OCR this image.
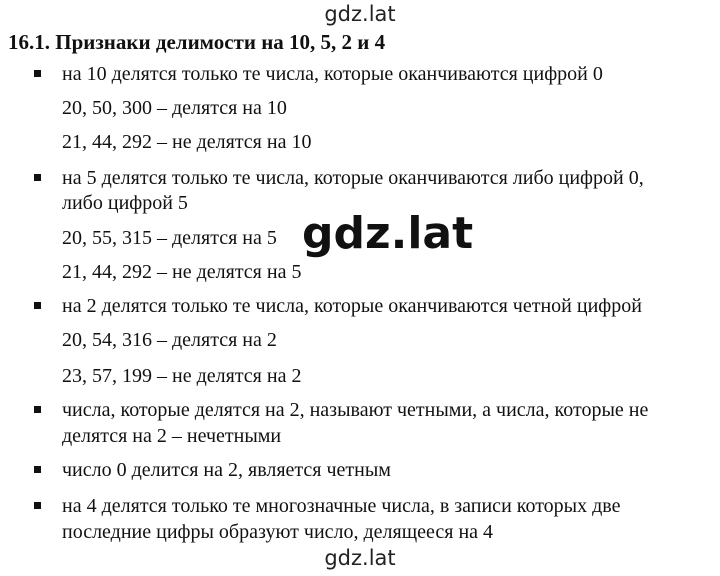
gdz.lat
16.1. Признаки делимости на 10, 5, 2 и 4
на 10 делятся только те числа, которые оканчиваются цифрой 0
20, 50, 300 – делятся на 10
21, 44, 292 – не делятся на 10
на 5 делятся только те числа, которые оканчиваются либо цифрой 0,
либо цифрой 5
20, 55, 315 – делятся на 5
21, 44, 292 – не делятся на 5
на 2 делятся только те числа, которые оканчиваются четной цифрой
20, 54, 316 – делятся на 2
23, 57, 199 – не делятся на 2
числа, которые делятся на 2, называют четными, а числа, которые не
делятся на 2 – нечетными
число 0 делится на 2, является четным
на 4 делятся только те многозначные числа, в записи которых две
последние цифры образуют число, делящееся на 4
gdz.lat
gdz.lat
